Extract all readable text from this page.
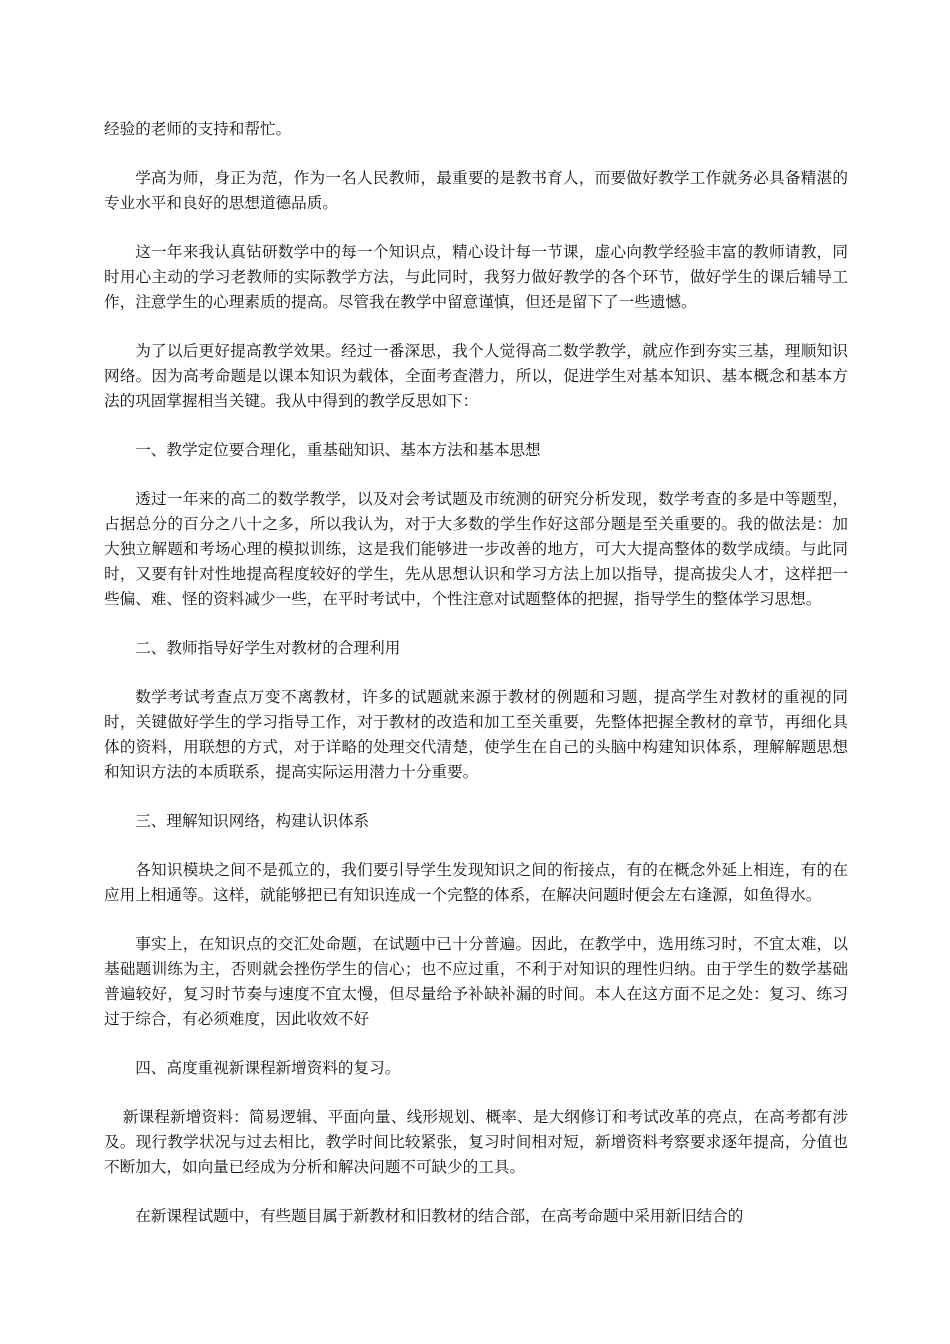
经验的老师的支持和帮忙。

学高为师，身正为范，作为一名人民教师，最重要的是教书育人，而要做好教学工作就务必具备精湛的专业水平和良好的思想道德品质。

这一年来我认真钻研数学中的每一个知识点，精心设计每一节课，虚心向教学经验丰富的教师请教，同时用心主动的学习老教师的实际教学方法，与此同时，我努力做好教学的各个环节，做好学生的课后辅导工作，注意学生的心理素质的提高。尽管我在教学中留意谨慎，但还是留下了一些遗憾。

为了以后更好提高教学效果。经过一番深思，我个人觉得高二数学教学，就应作到夯实三基，理顺知识网络。因为高考命题是以课本知识为载体，全面考查潜力，所以，促进学生对基本知识、基本概念和基本方法的巩固掌握相当关键。我从中得到的教学反思如下：

一、教学定位要合理化，重基础知识、基本方法和基本思想

透过一年来的高二的数学教学，以及对会考试题及市统测的研究分析发现，数学考查的多是中等题型，占据总分的百分之八十之多，所以我认为，对于大多数的学生作好这部分题是至关重要的。我的做法是：加大独立解题和考场心理的模拟训练，这是我们能够进一步改善的地方，可大大提高整体的数学成绩。与此同时，又要有针对性地提高程度较好的学生，先从思想认识和学习方法上加以指导，提高拔尖人才，这样把一些偏、难、怪的资料减少一些，在平时考试中，个性注意对试题整体的把握，指导学生的整体学习思想。

二、教师指导好学生对教材的合理利用

数学考试考查点万变不离教材，许多的试题就来源于教材的例题和习题，提高学生对教材的重视的同时，关键做好学生的学习指导工作，对于教材的改造和加工至关重要，先整体把握全教材的章节，再细化具体的资料，用联想的方式，对于详略的处理交代清楚，使学生在自己的头脑中构建知识体系，理解解题思想和知识方法的本质联系，提高实际运用潜力十分重要。

三、理解知识网络，构建认识体系

各知识模块之间不是孤立的，我们要引导学生发现知识之间的衔接点，有的在概念外延上相连，有的在应用上相通等。这样，就能够把已有知识连成一个完整的体系，在解决问题时便会左右逢源，如鱼得水。

事实上，在知识点的交汇处命题，在试题中已十分普遍。因此，在教学中，选用练习时，不宜太难，以基础题训练为主，否则就会挫伤学生的信心；也不应过重，不利于对知识的理性归纳。由于学生的数学基础普遍较好，复习时节奏与速度不宜太慢，但尽量给予补缺补漏的时间。本人在这方面不足之处：复习、练习过于综合，有必须难度，因此收效不好

四、高度重视新课程新增资料的复习。

新课程新增资料：简易逻辑、平面向量、线形规划、概率、是大纲修订和考试改革的亮点，在高考都有涉及。现行教学状况与过去相比，教学时间比较紧张，复习时间相对短，新增资料考察要求逐年提高，分值也不断加大，如向量已经成为分析和解决问题不可缺少的工具。

在新课程试题中，有些题目属于新教材和旧教材的结合部，在高考命题中采用新旧结合的
